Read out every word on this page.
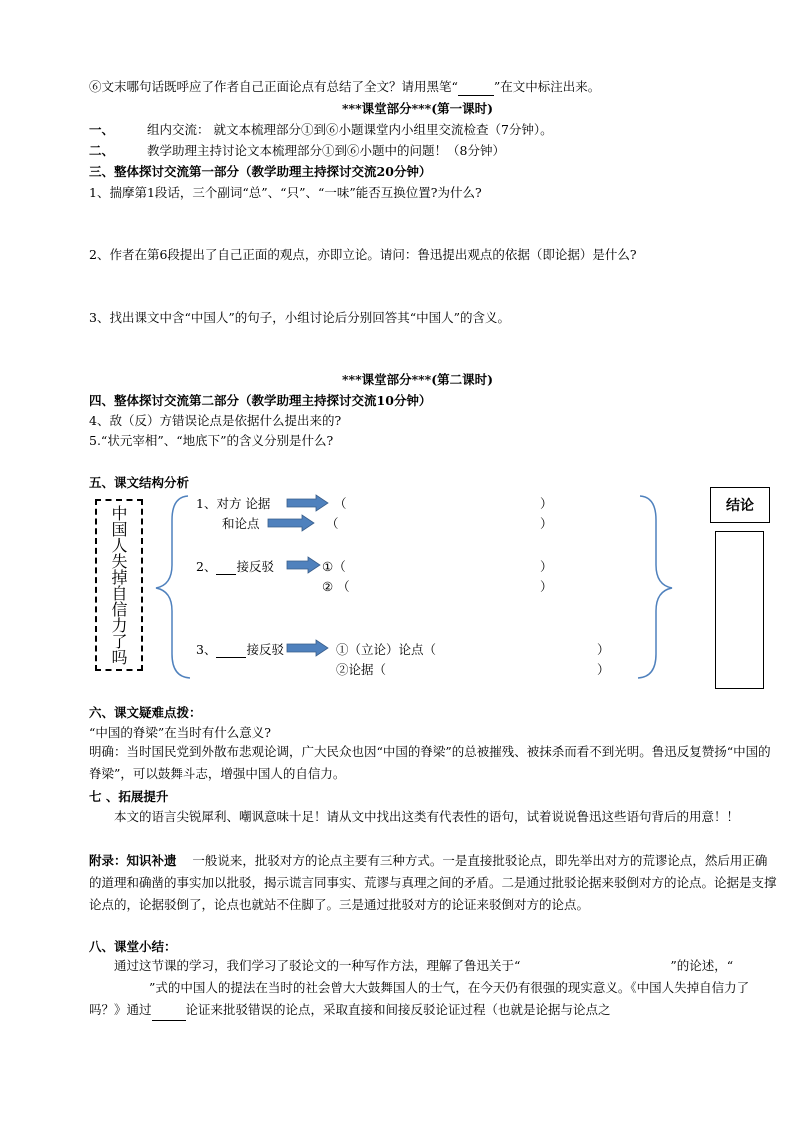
⑥文末哪句话既呼应了作者自己正面论点有总结了全文？请用黑笔“	”在文中标注出来。
***课堂部分***(第一课时)
一、	组内交流： 就文本梳理部分①到⑥小题课堂内小组里交流检查（7分钟）。
二、	教学助理主持讨论文本梳理部分①到⑥小题中的问题！（8分钟）
三、整体探讨交流第一部分（教学助理主持探讨交流20分钟）
1、揣摩第1段话，三个副词“总”、“只”、“一味”能否互换位置?为什么?
2、作者在第6段提出了自己正面的观点，亦即立论。请问：鲁迅提出观点的依据（即论据）是什么?
3、找出课文中含“中国人”的句子，小组讨论后分别回答其“中国人”的含义。
***课堂部分***(第二课时)
四、整体探讨交流第二部分（教学助理主持探讨交流10分钟）
4、敌（反）方错误论点是依据什么提出来的?
5.“状元宰相”、“地底下”的含义分别是什么?
五、课文结构分析
中国人失掉自信力了吗
1、对方 论据	（	）
和论点	（	）
2、 接反驳	①（	）
② （	）
3、 接反驳	①（立论）论点（	）
②论据（	）
结论
六、课文疑难点拨：
“中国的脊梁”在当时有什么意义?
明确：当时国民党到外散布悲观论调，广大民众也因“中国的脊梁”的总被摧残、被抹杀而看不到光明。鲁迅反复赞扬“中国的脊梁”，可以鼓舞斗志，增强中国人的自信力。
七 、拓展提升
本文的语言尖锐犀利、嘲讽意味十足！请从文中找出这类有代表性的语句，试着说说鲁迅这些语句背后的用意！！
附录：知识补遗 一般说来，批驳对方的论点主要有三种方式。一是直接批驳论点，即先举出对方的荒谬论点，然后用正确的道理和确凿的事实加以批驳，揭示谎言同事实、荒谬与真理之间的矛盾。二是通过批驳论据来驳倒对方的论点。论据是支撑论点的，论据驳倒了，论点也就站不住脚了。三是通过批驳对方的论证来驳倒对方的论点。
八、课堂小结：
通过这节课的学习，我们学习了驳论文的一种写作方法，理解了鲁迅关于“	”的论述，“”式的中国人的提法在当时的社会曾大大鼓舞国人的士气，在今天仍有很强的现实意义。《中国人失掉自信力了吗？》通过	论证来批驳错误的论点，采取直接和间接反驳论证过程（也就是论据与论点之
